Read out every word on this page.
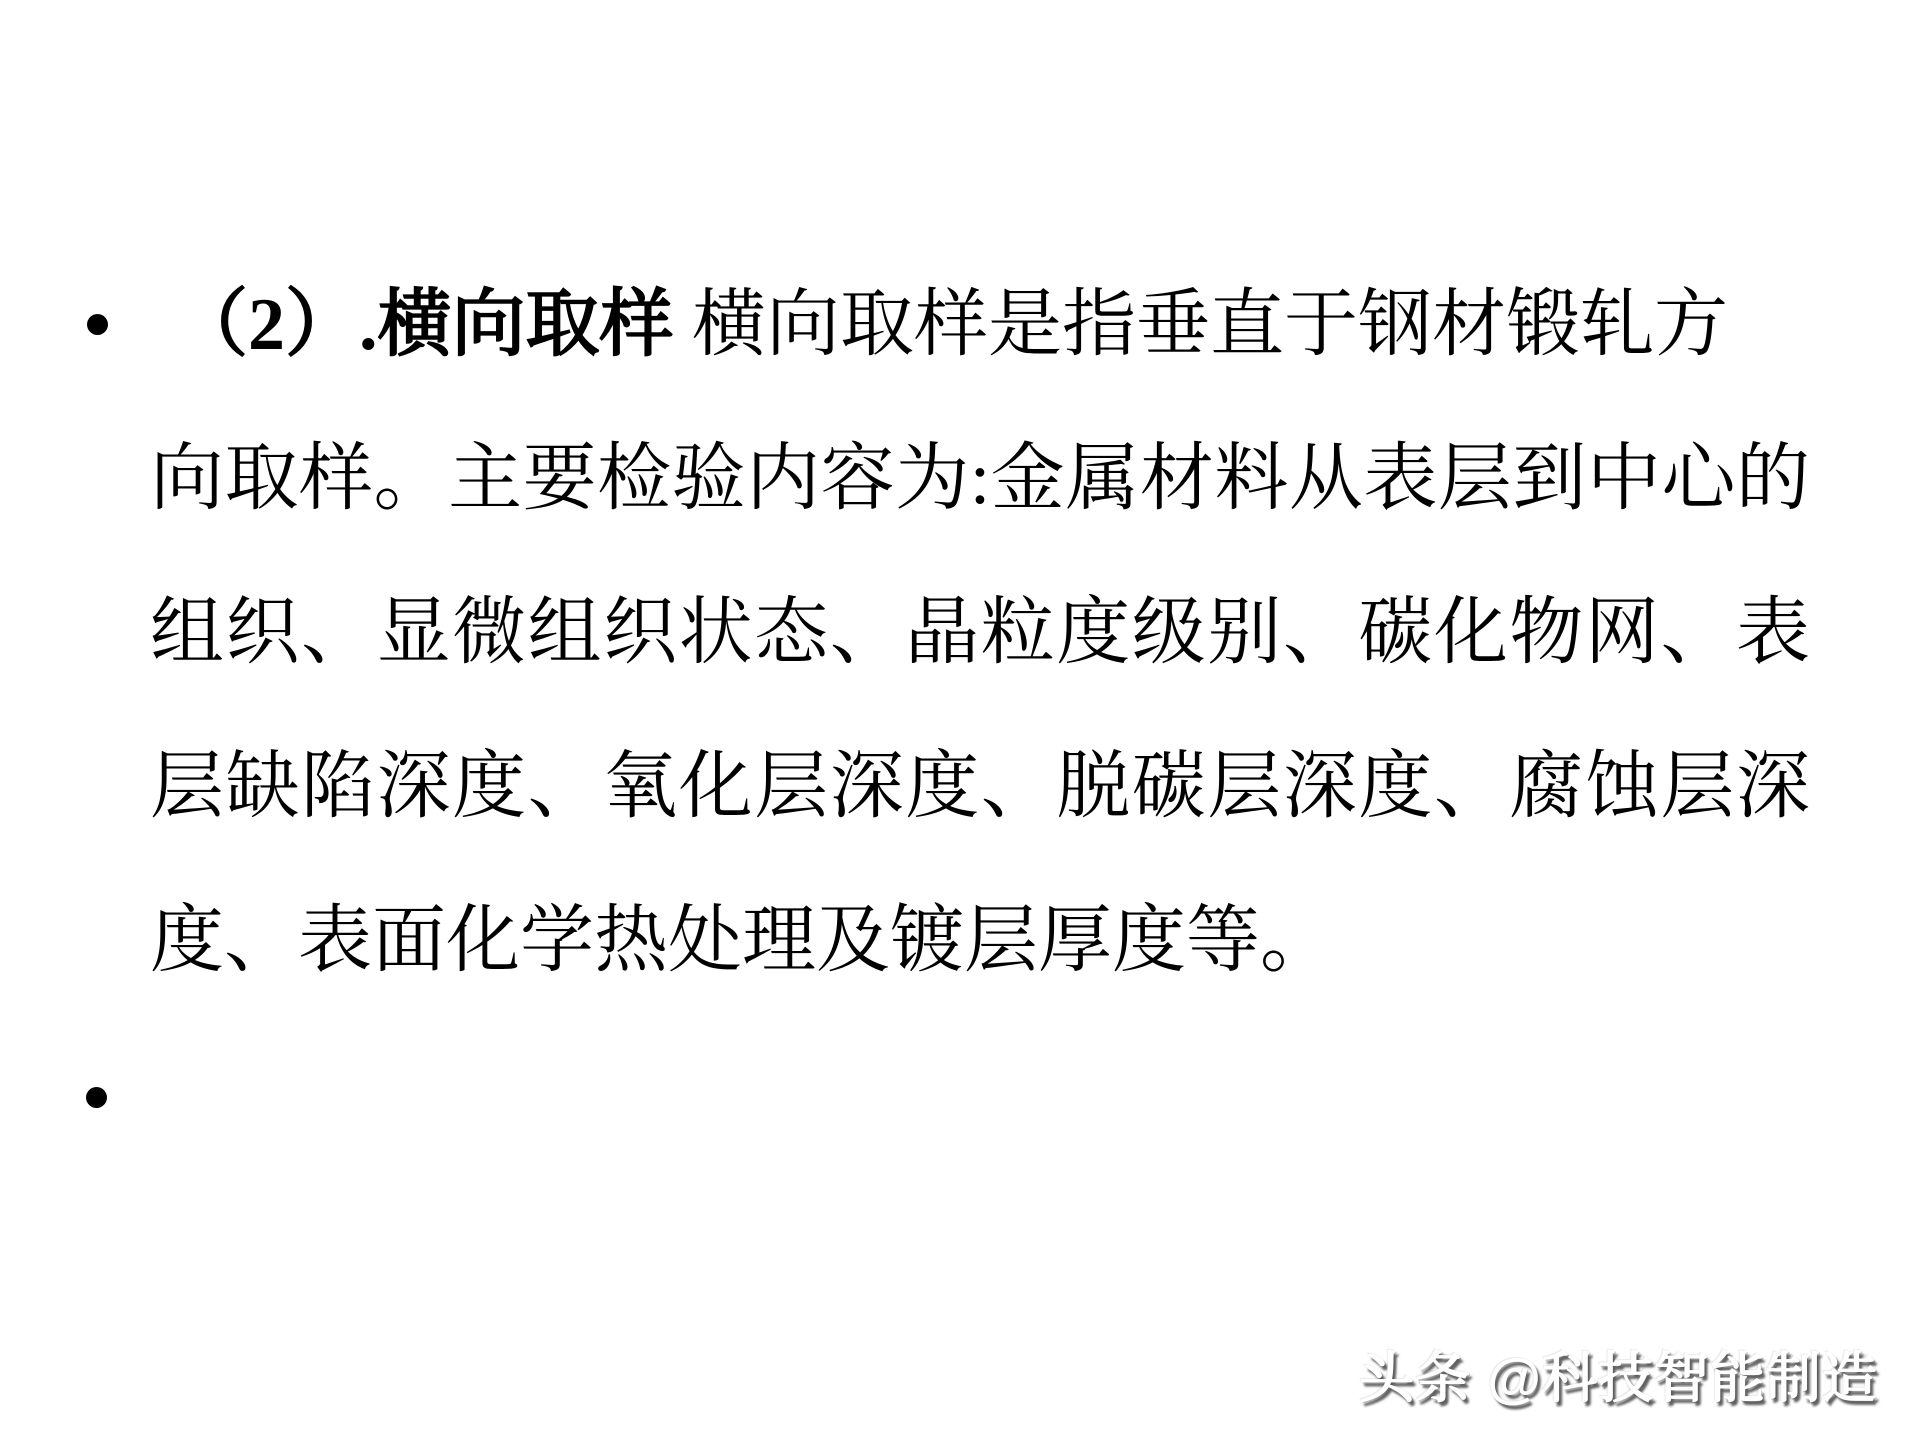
（2）.横向取样 横向取样是指垂直于钢材锻轧方
向取样。主要检验内容为:金属材料从表层到中心的
组织、显微组织状态、晶粒度级别、碳化物网、表
层缺陷深度、氧化层深度、脱碳层深度、腐蚀层深
度、表面化学热处理及镀层厚度等。
头条 @科技智能制造
